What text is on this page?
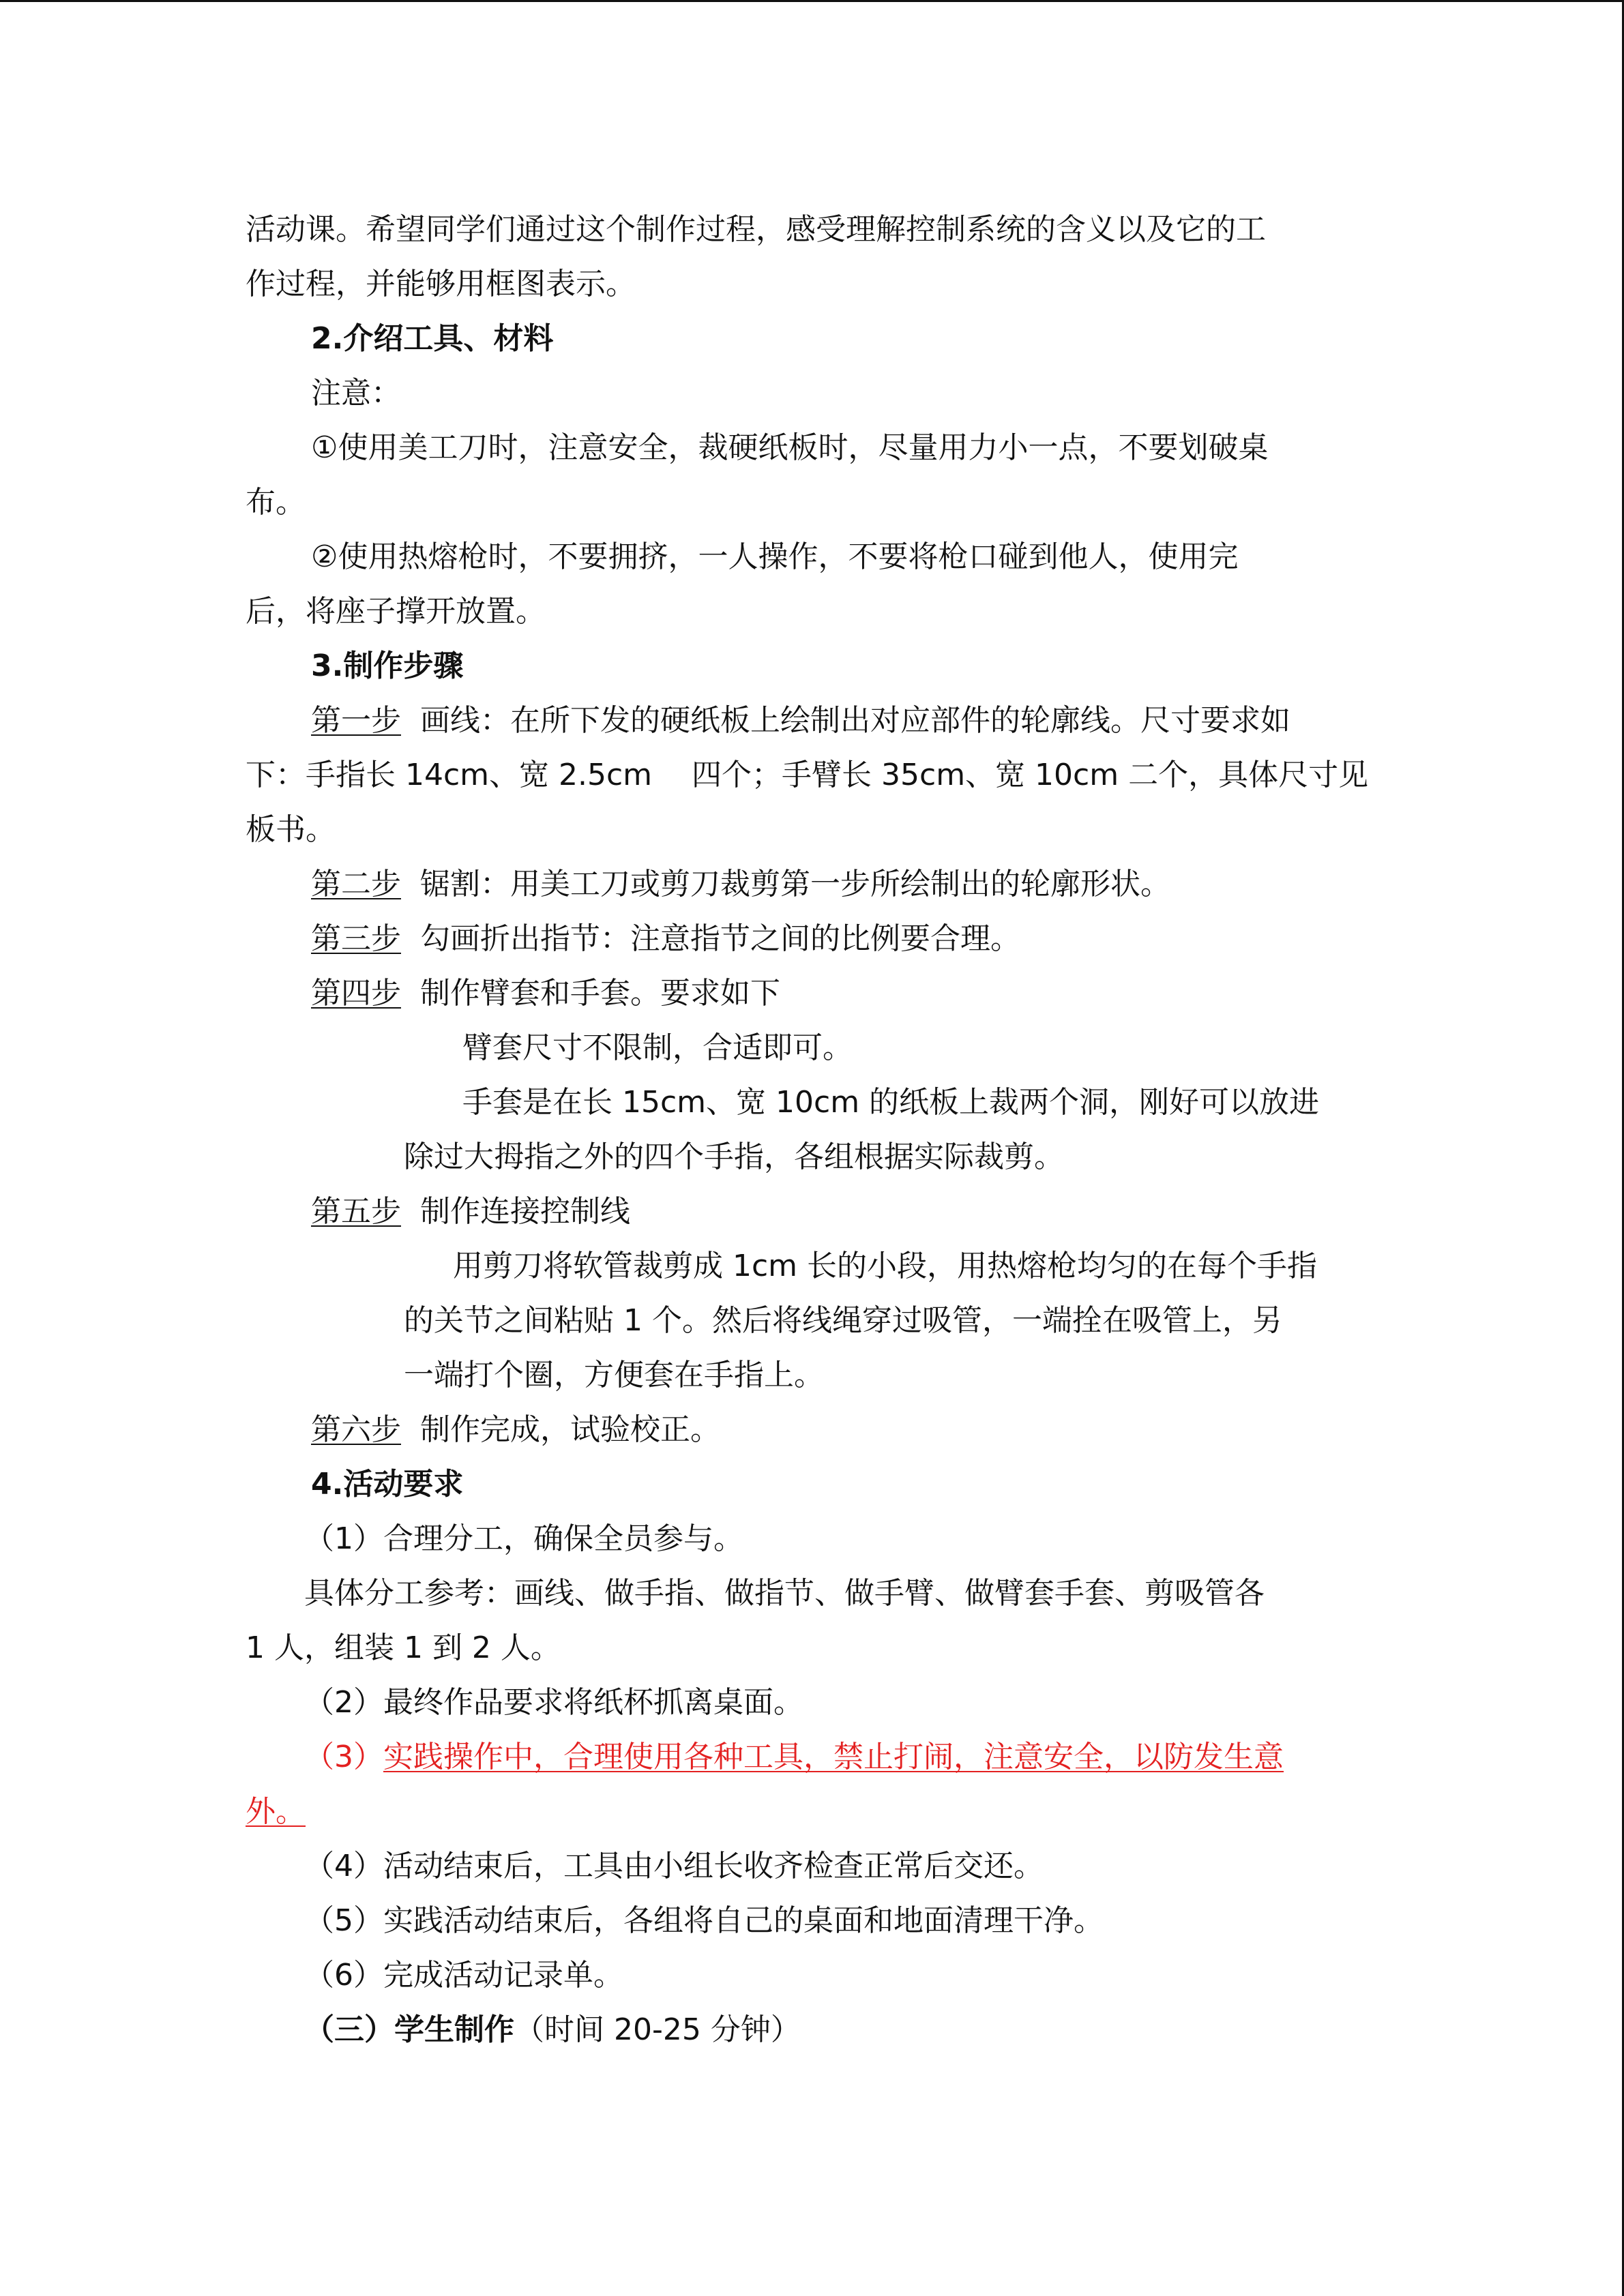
活动课。希望同学们通过这个制作过程，感受理解控制系统的含义以及它的工
作过程，并能够用框图表示。
2.介绍工具、材料
注意：
①使用美工刀时，注意安全，裁硬纸板时，尽量用力小一点，不要划破桌
布。
②使用热熔枪时，不要拥挤，一人操作，不要将枪口碰到他人，使用完
后，将座子撑开放置。
3.制作步骤
第一步 画线：在所下发的硬纸板上绘制出对应部件的轮廓线。尺寸要求如
下：手指长 14cm、宽 2.5cm　 四个；手臂长 35cm、宽 10cm 二个，具体尺寸见
板书。
第二步 锯割：用美工刀或剪刀裁剪第一步所绘制出的轮廓形状。
第三步 勾画折出指节：注意指节之间的比例要合理。
第四步 制作臂套和手套。要求如下
臂套尺寸不限制，合适即可。
手套是在长 15cm、宽 10cm 的纸板上裁两个洞，刚好可以放进
除过大拇指之外的四个手指，各组根据实际裁剪。
第五步 制作连接控制线
用剪刀将软管裁剪成 1cm 长的小段，用热熔枪均匀的在每个手指
的关节之间粘贴 1 个。然后将线绳穿过吸管，一端拴在吸管上，另
一端打个圈，方便套在手指上。
第六步 制作完成，试验校正。
4.活动要求
（1）合理分工，确保全员参与。
具体分工参考：画线、做手指、做指节、做手臂、做臂套手套、剪吸管各
1 人，组装 1 到 2 人。
（2）最终作品要求将纸杯抓离桌面。
（3）实践操作中，合理使用各种工具，禁止打闹，注意安全，以防发生意
外。
（4）活动结束后，工具由小组长收齐检查正常后交还。
（5）实践活动结束后，各组将自己的桌面和地面清理干净。
（6）完成活动记录单。
（三）学生制作（时间 20-25 分钟）
